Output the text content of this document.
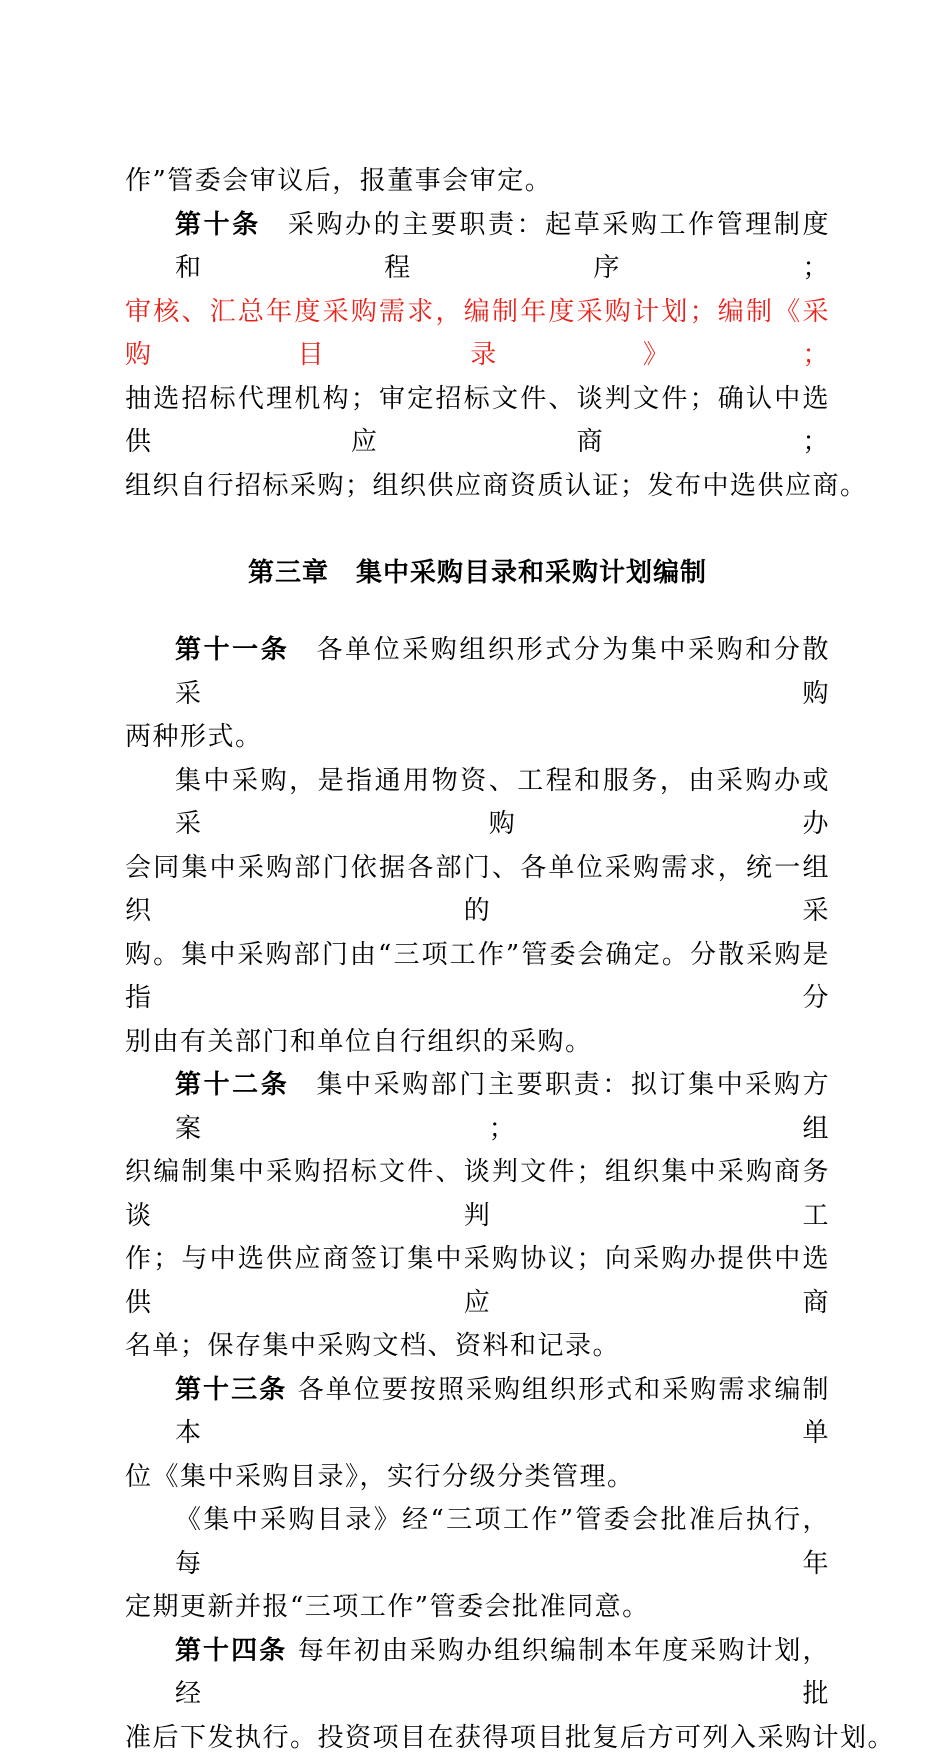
作”管委会审议后，报董事会审定。
第十条 采购办的主要职责：起草采购工作管理制度和程序；
审核、汇总年度采购需求，编制年度采购计划；编制《采购目录》；
抽选招标代理机构；审定招标文件、谈判文件；确认中选供应商；
组织自行招标采购；组织供应商资质认证；发布中选供应商。
第三章　集中采购目录和采购计划编制
第十一条 各单位采购组织形式分为集中采购和分散采购
两种形式。
集中采购，是指通用物资、工程和服务，由采购办或采购办
会同集中采购部门依据各部门、各单位采购需求，统一组织的采
购。集中采购部门由“三项工作”管委会确定。分散采购是指分
别由有关部门和单位自行组织的采购。
第十二条 集中采购部门主要职责：拟订集中采购方案；组
织编制集中采购招标文件、谈判文件；组织集中采购商务谈判工
作；与中选供应商签订集中采购协议；向采购办提供中选供应商
名单；保存集中采购文档、资料和记录。
第十三条 各单位要按照采购组织形式和采购需求编制本单
位《集中采购目录》，实行分级分类管理。
《集中采购目录》经“三项工作”管委会批准后执行，每年
定期更新并报“三项工作”管委会批准同意。
第十四条 每年初由采购办组织编制本年度采购计划，经批
准后下发执行。投资项目在获得项目批复后方可列入采购计划。
